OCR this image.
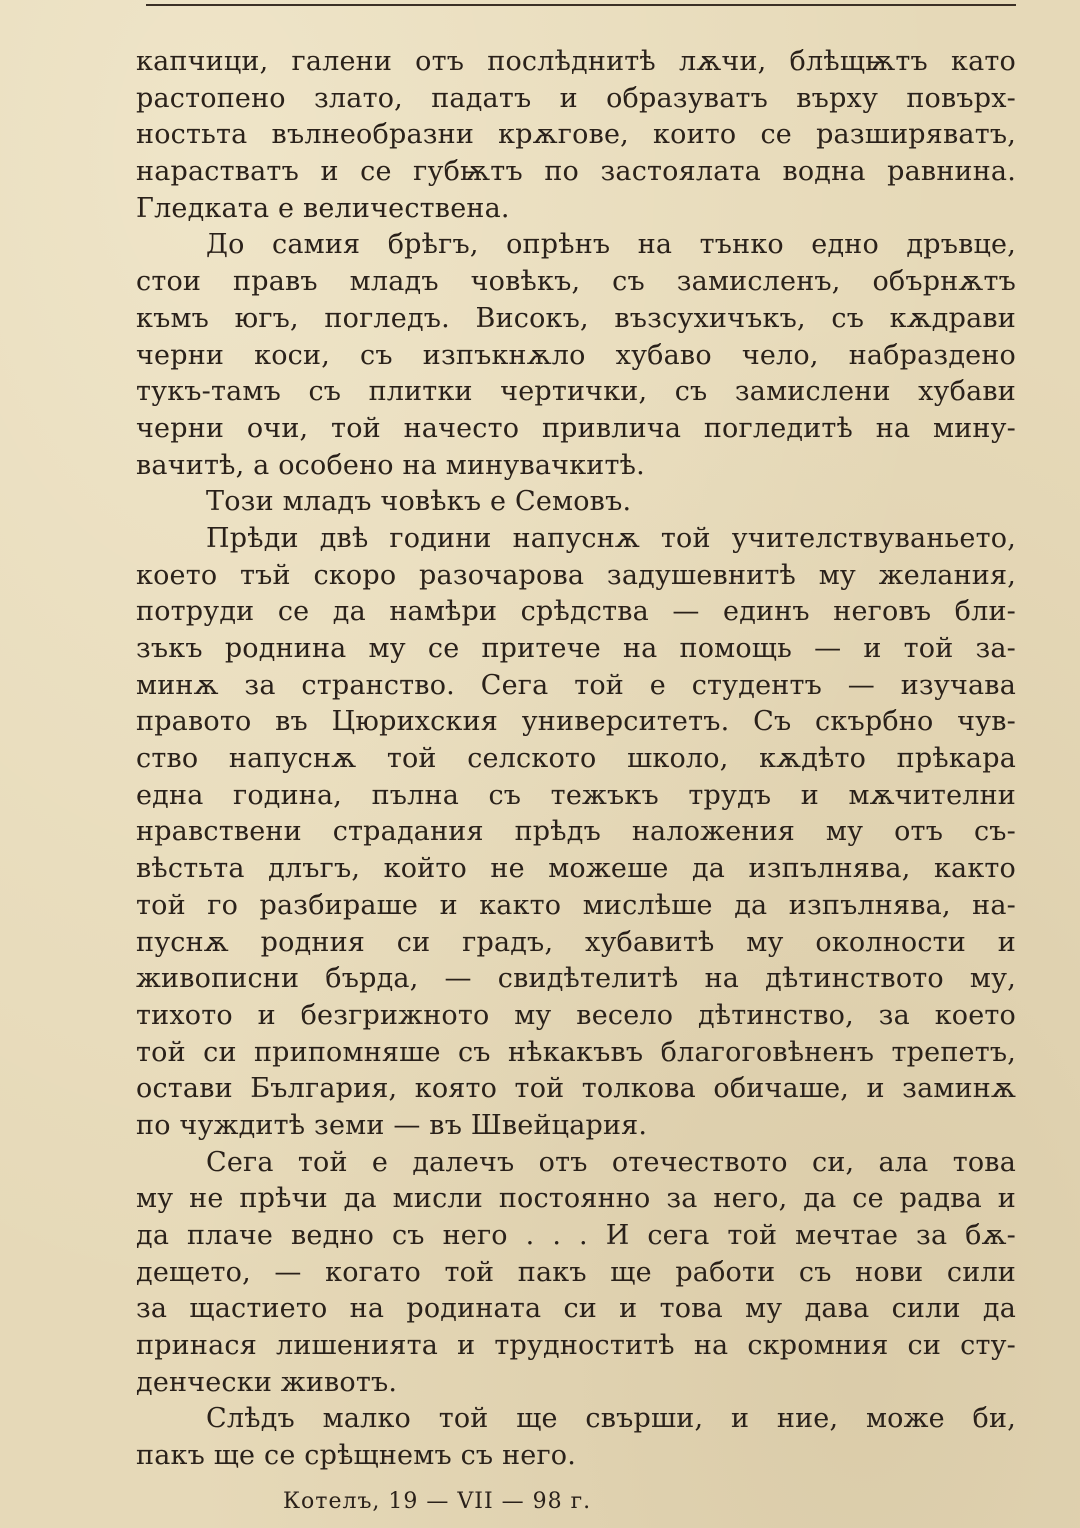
капчици, галени отъ послѣднитѣ лѫчи, блѣщѭтъ като
растопено злато, падатъ и образуватъ върху повърх-
ностьта вълнеобразни крѫгове, които се разширяватъ,
нарастватъ и се губѭтъ по застоялата водна равнина.
Гледката е величествена.
До самия брѣгъ, опрѣнъ на тънко едно дръвце,
стои правъ младъ човѣкъ, съ замисленъ, обърнѫтъ
къмъ югъ, погледъ. Високъ, възсухичъкъ, съ кѫдрави
черни коси, съ изпъкнѫло хубаво чело, набраздено
тукъ-тамъ съ плитки чертички, съ замислени хубави
черни очи, той начесто привлича погледитѣ на мину-
вачитѣ, а особено на минувачкитѣ.
Този младъ човѣкъ е Семовъ.
Прѣди двѣ години напуснѫ той учителствуваньето,
което тъй скоро разочарова задушевнитѣ му желания,
потруди се да намѣри срѣдства — единъ неговъ бли-
зъкъ роднина му се притече на помощь — и той за-
минѫ за странство. Сега той е студентъ — изучава
правото въ Цюрихския университетъ. Съ скърбно чув-
ство напуснѫ той селското школо, кѫдѣто прѣкара
една година, пълна съ тежъкъ трудъ и мѫчителни
нравствени страдания прѣдъ наложения му отъ съ-
вѣстьта длъгъ, който не можеше да изпълнява, както
той го разбираше и както мислѣше да изпълнява, на-
пуснѫ родния си градъ, хубавитѣ му околности и
живописни бърда, — свидѣтелитѣ на дѣтинството му,
тихото и безгрижното му весело дѣтинство, за което
той си припомняше съ нѣкакъвъ благоговѣненъ трепетъ,
остави България, която той толкова обичаше, и заминѫ
по чуждитѣ земи — въ Швейцария.
Сега той е далечъ отъ отечеството си, ала това
му не прѣчи да мисли постоянно за него, да се радва и
да плаче ведно съ него . . . И сега той мечтае за бѫ-
дещето, — когато той пакъ ще работи съ нови сили
за щастието на родината си и това му дава сили да
принася лишенията и трудноститѣ на скромния си сту-
денчески животъ.
Слѣдъ малко той ще свърши, и ние, може би,
пакъ ще се срѣщнемъ съ него.
Котелъ, 19 — VII — 98 г.
